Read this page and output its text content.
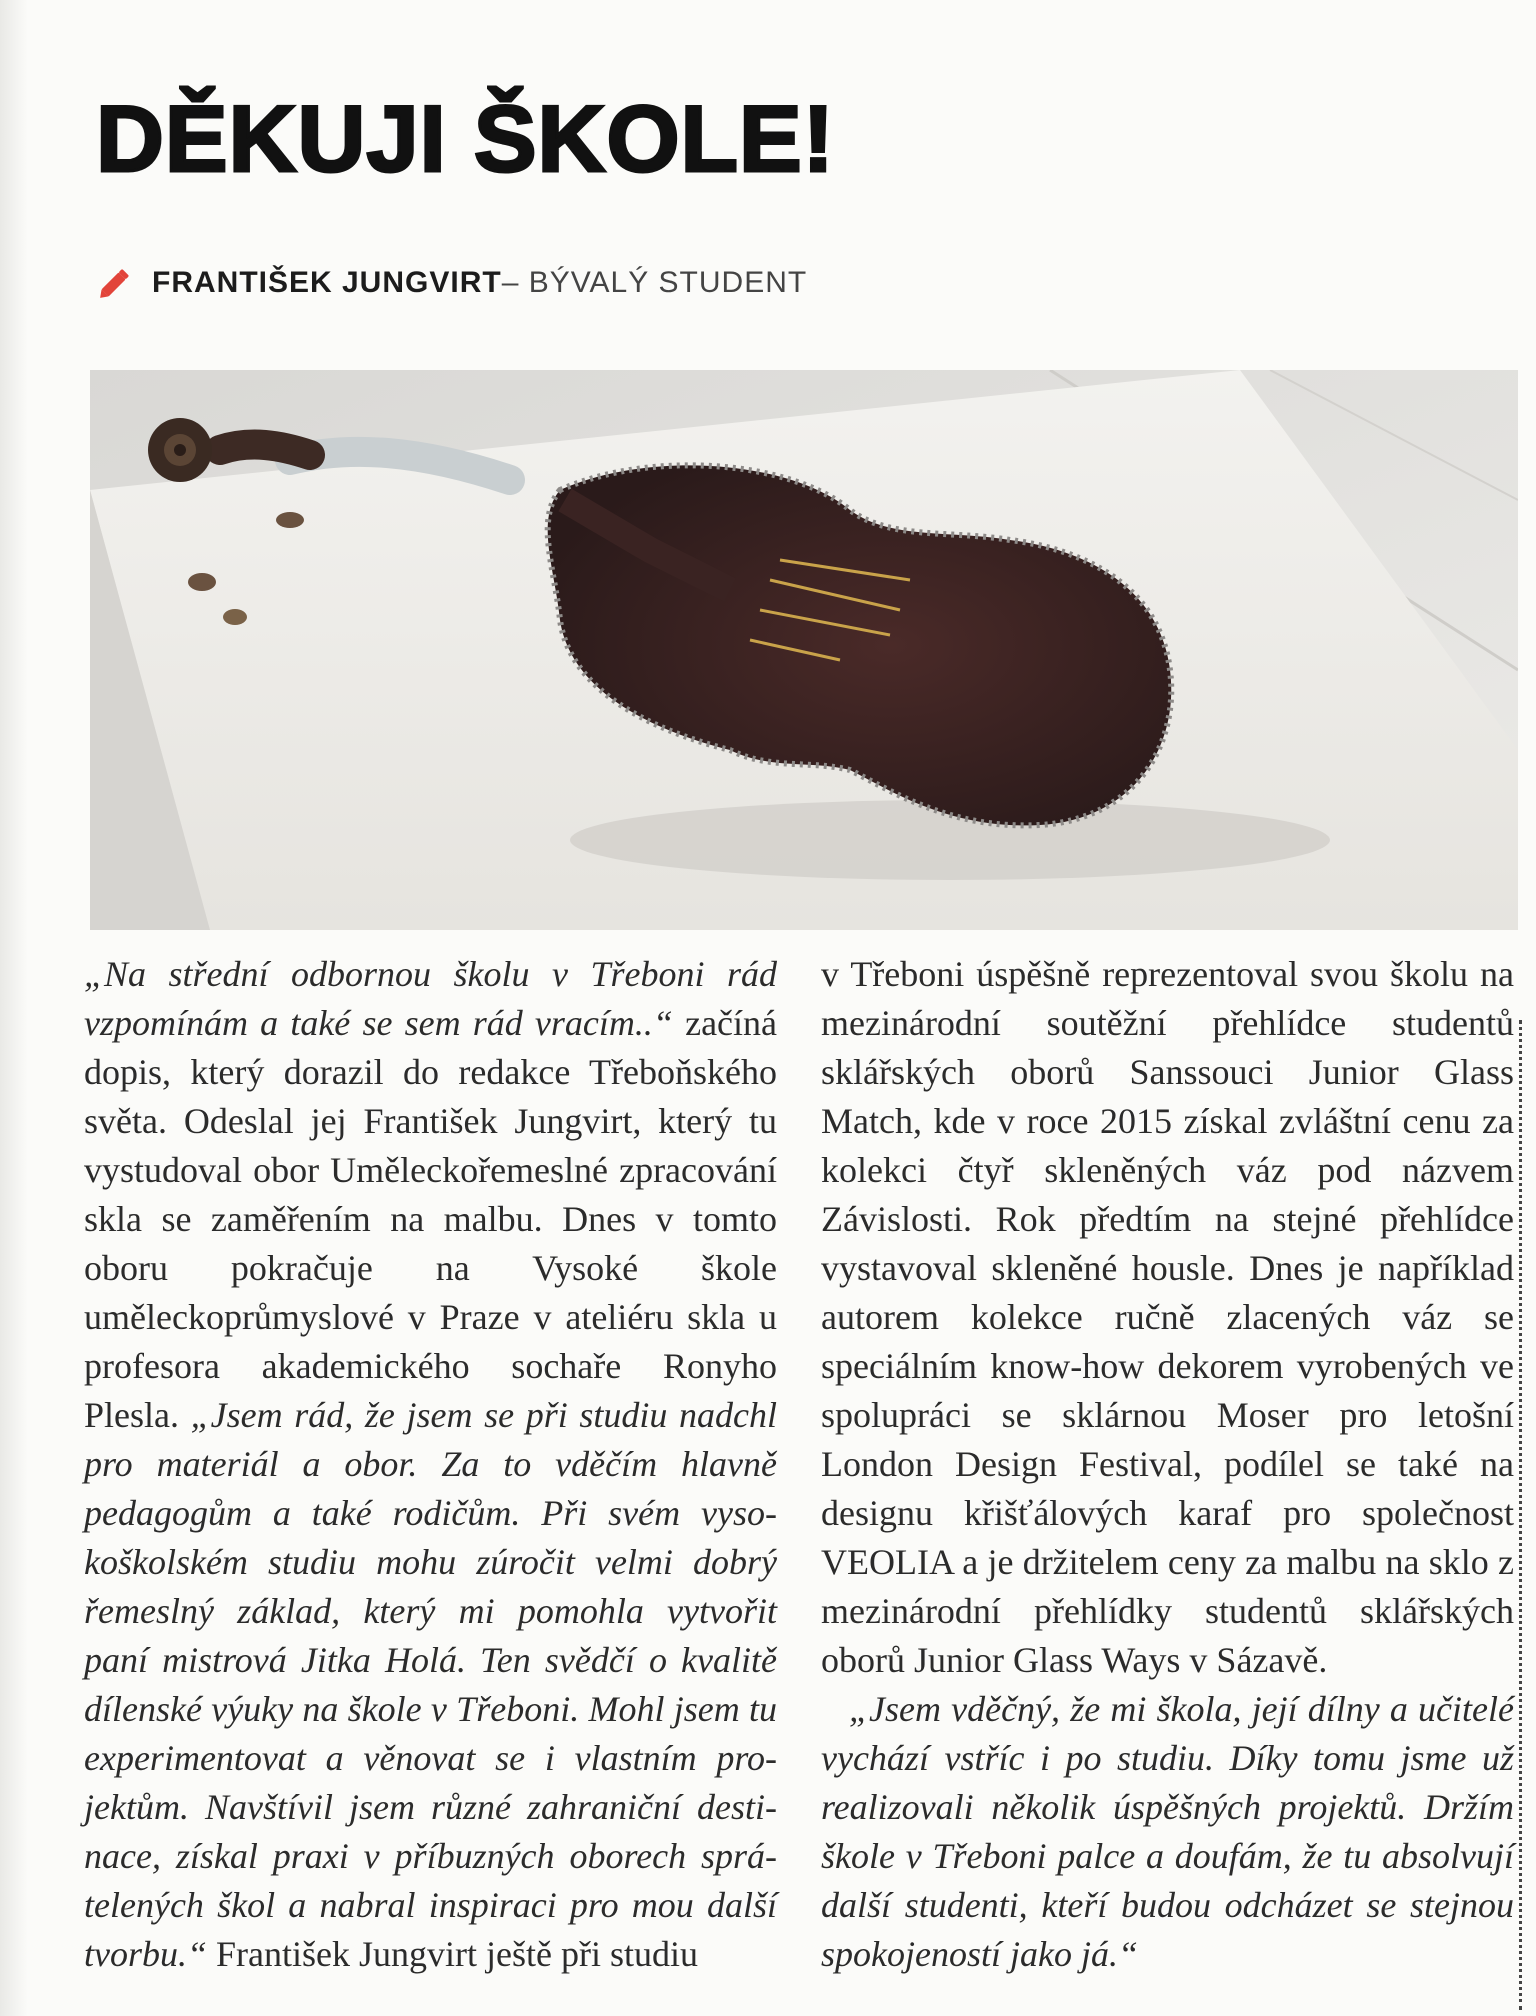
DĚKUJI ŠKOLE!
FRANTIŠEK JUNGVIRT – BÝVALÝ STUDENT

„Na střední odbornou školu v Třeboni rád vzpomínám a také se sem rád vracím..“ začíná dopis, který dorazil do redakce Třeboňského světa. Odeslal jej František Jungvirt, který tu vystudoval obor Uměleckořemeslné zpracování skla se zaměřením na malbu. Dnes v tomto oboru pokračuje na Vysoké škole uměleckoprůmyslové v Praze v ateliéru skla u profesora akademického sochaře Ronyho Plesla. „Jsem rád, že jsem se při studiu nadchl pro materiál a obor. Za to vděčím hlavně pedagogům a také rodičům. Při svém vysokoškolském studiu mohu zúročit velmi dobrý řemeslný základ, který mi pomohla vytvořit paní mistrová Jitka Holá. Ten svědčí o kvalitě dílenské výuky na škole v Třeboni. Mohl jsem tu experimentovat a věnovat se i vlastním projektům. Navštívil jsem různé zahraniční destinace, získal praxi v příbuzných oborech sprátelených škol a nabral inspiraci pro mou další tvorbu.“ František Jungvirt ještě při studiu

v Třeboni úspěšně reprezentoval svou školu na mezinárodní soutěžní přehlídce studentů sklářských oborů Sanssouci Junior Glass Match, kde v roce 2015 získal zvláštní cenu za kolekci čtyř skleněných váz pod názvem Závislosti. Rok předtím na stejné přehlídce vystavoval skleněné housle. Dnes je například autorem kolekce ručně zlacených váz se speciálním know-how dekorem vyrobených ve spolupráci se sklárnou Moser pro letošní London Design Festival, podílel se také na designu křišťálových karaf pro společnost VEOLIA a je držitelem ceny za malbu na sklo z mezinárodní přehlídky studentů sklářských oborů Junior Glass Ways v Sázavě.

„Jsem vděčný, že mi škola, její dílny a učitelé vychází vstříc i po studiu. Díky tomu jsme už realizovali několik úspěšných projektů. Držím škole v Třeboni palce a doufám, že tu absolvují další studenti, kteří budou odcházet se stejnou spokojeností jako já.“
